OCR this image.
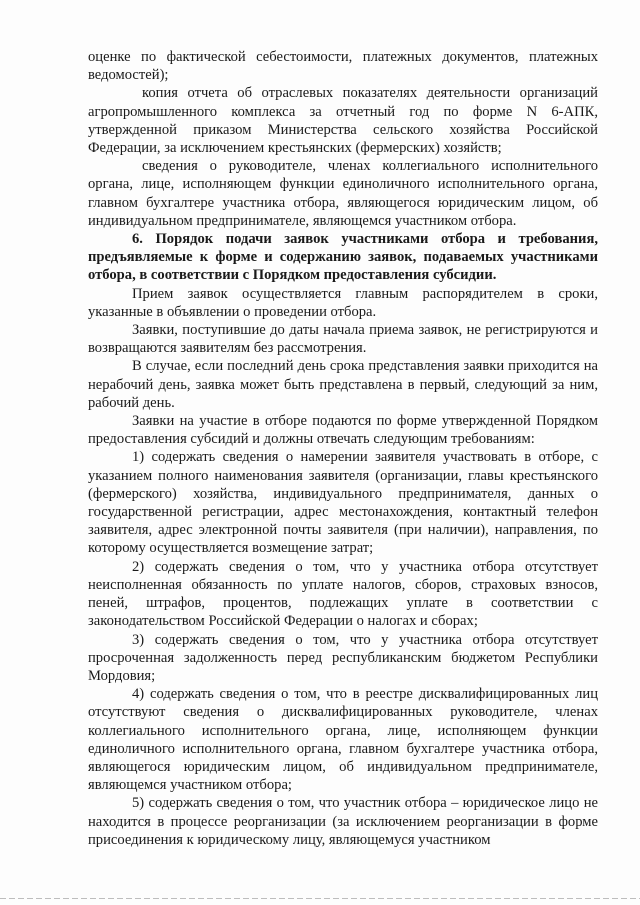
оценке по фактической себестоимости, платежных документов, платежных ведомостей);

копия отчета об отраслевых показателях деятельности организаций агропромышленного комплекса за отчетный год по форме N 6-АПК, утвержденной приказом Министерства сельского хозяйства Российской Федерации, за исключением крестьянских (фермерских) хозяйств;

сведения о руководителе, членах коллегиального исполнительного органа, лице, исполняющем функции единоличного исполнительного органа, главном бухгалтере участника отбора, являющегося юридическим лицом, об индивидуальном предпринимателе, являющемся участником отбора.

6. Порядок подачи заявок участниками отбора и требования, предъявляемые к форме и содержанию заявок, подаваемых участниками отбора, в соответствии с Порядком предоставления субсидии.

Прием заявок осуществляется главным распорядителем в сроки, указанные в объявлении о проведении отбора.

Заявки, поступившие до даты начала приема заявок, не регистрируются и возвращаются заявителям без рассмотрения.

В случае, если последний день срока представления заявки приходится на нерабочий день, заявка может быть представлена в первый, следующий за ним, рабочий день.

Заявки на участие в отборе подаются по форме утвержденной Порядком предоставления субсидий и должны отвечать следующим требованиям:

1) содержать сведения о намерении заявителя участвовать в отборе, с указанием полного наименования заявителя (организации, главы крестьянского (фермерского) хозяйства, индивидуального предпринимателя, данных о государственной регистрации, адрес местонахождения, контактный телефон заявителя, адрес электронной почты заявителя (при наличии), направления, по которому осуществляется возмещение затрат;

2) содержать сведения о том, что у участника отбора отсутствует неисполненная обязанность по уплате налогов, сборов, страховых взносов, пеней, штрафов, процентов, подлежащих уплате в соответствии с законодательством Российской Федерации о налогах и сборах;

3) содержать сведения о том, что у участника отбора отсутствует просроченная задолженность перед республиканским бюджетом Республики Мордовия;

4) содержать сведения о том, что в реестре дисквалифицированных лиц отсутствуют сведения о дисквалифицированных руководителе, членах коллегиального исполнительного органа, лице, исполняющем функции единоличного исполнительного органа, главном бухгалтере участника отбора, являющегося юридическим лицом, об индивидуальном предпринимателе, являющемся участником отбора;

5) содержать сведения о том, что участник отбора – юридическое лицо не находится в процессе реорганизации (за исключением реорганизации в форме присоединения к юридическому лицу, являющемуся участником
